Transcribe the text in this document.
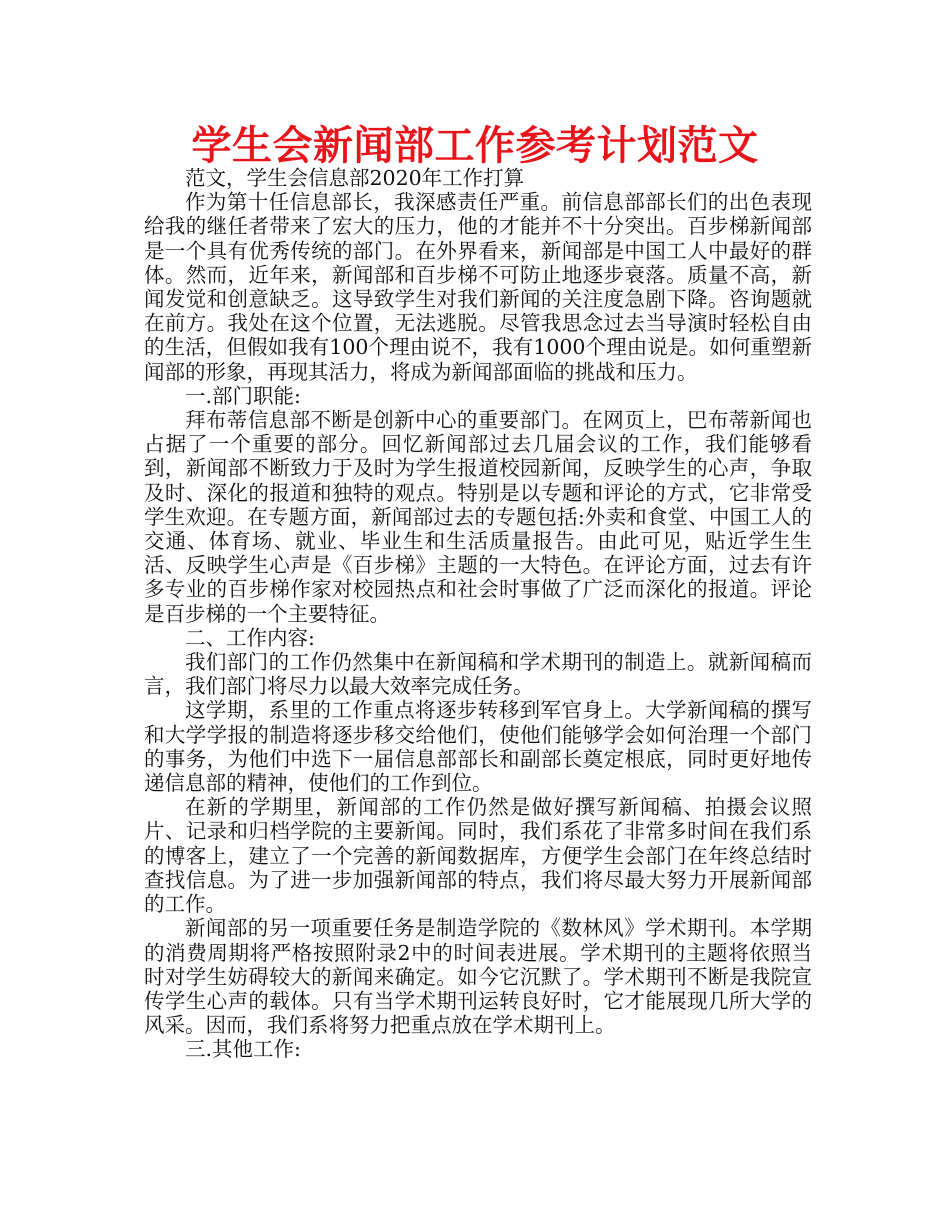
学生会新闻部工作参考计划范文

范文，学生会信息部2020年工作打算

作为第十任信息部长，我深感责任严重。前信息部部长们的出色表现给我的继任者带来了宏大的压力，他的才能并不十分突出。百步梯新闻部是一个具有优秀传统的部门。在外界看来，新闻部是中国工人中最好的群体。然而，近年来，新闻部和百步梯不可防止地逐步衰落。质量不高，新闻发觉和创意缺乏。这导致学生对我们新闻的关注度急剧下降。咨询题就在前方。我处在这个位置，无法逃脱。尽管我思念过去当导演时轻松自由的生活，但假如我有100个理由说不，我有1000个理由说是。如何重塑新闻部的形象，再现其活力，将成为新闻部面临的挑战和压力。

一.部门职能:

拜布蒂信息部不断是创新中心的重要部门。在网页上，巴布蒂新闻也占据了一个重要的部分。回忆新闻部过去几届会议的工作，我们能够看到，新闻部不断致力于及时为学生报道校园新闻，反映学生的心声，争取及时、深化的报道和独特的观点。特别是以专题和评论的方式，它非常受学生欢迎。在专题方面，新闻部过去的专题包括:外卖和食堂、中国工人的交通、体育场、就业、毕业生和生活质量报告。由此可见，贴近学生生活、反映学生心声是《百步梯》主题的一大特色。在评论方面，过去有许多专业的百步梯作家对校园热点和社会时事做了广泛而深化的报道。评论是百步梯的一个主要特征。

二、工作内容:

我们部门的工作仍然集中在新闻稿和学术期刊的制造上。就新闻稿而言，我们部门将尽力以最大效率完成任务。

这学期，系里的工作重点将逐步转移到军官身上。大学新闻稿的撰写和大学学报的制造将逐步移交给他们，使他们能够学会如何治理一个部门的事务，为他们中选下一届信息部部长和副部长奠定根底，同时更好地传递信息部的精神，使他们的工作到位。

在新的学期里，新闻部的工作仍然是做好撰写新闻稿、拍摄会议照片、记录和归档学院的主要新闻。同时，我们系花了非常多时间在我们系的博客上，建立了一个完善的新闻数据库，方便学生会部门在年终总结时查找信息。为了进一步加强新闻部的特点，我们将尽最大努力开展新闻部的工作。

新闻部的另一项重要任务是制造学院的《数林风》学术期刊。本学期的消费周期将严格按照附录2中的时间表进展。学术期刊的主题将依照当时对学生妨碍较大的新闻来确定。如今它沉默了。学术期刊不断是我院宣传学生心声的载体。只有当学术期刊运转良好时，它才能展现几所大学的风采。因而，我们系将努力把重点放在学术期刊上。

三.其他工作:
